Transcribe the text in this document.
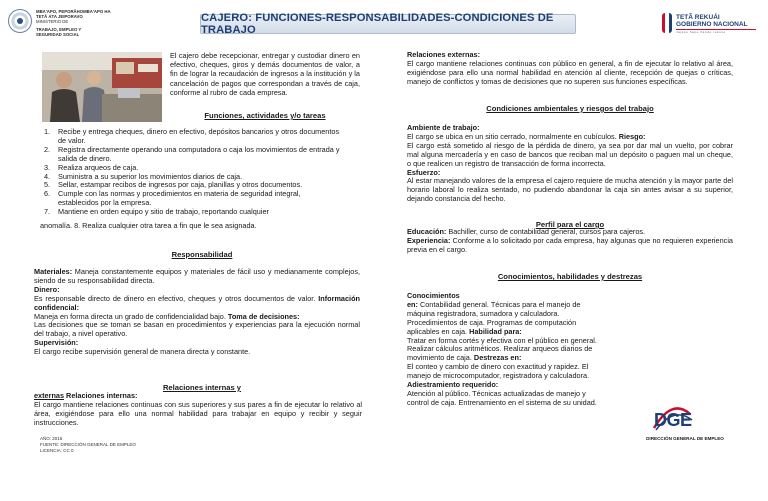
MBA'APO, PEPORÃHOMBA'APO HA
TETÃ ÁTA JEIPORAVO
MINISTERIO DE
TRABAJO, EMPLEO Y
SEGURIDAD SOCIAL
CAJERO: FUNCIONES-RESPONSABILIDADES-CONDICIONES DE TRABAJO
TETÃ REKUÁI
GOBIERNO NACIONAL
Jajapo hape ñande rekove
El cajero debe recepcionar, entregar y custodiar dinero en efectivo, cheques, giros y demás documentos de valor, a fin de lograr la recaudación de ingresos a la institución y la cancelación de pagos que correspondan a través de caja, conforme al rubro de cada empresa.
Funciones, actividades y/o tareas
1. Recibe y entrega cheques, dinero en efectivo, depósitos bancarios y otros documentos de valor.
2. Registra directamente operando una computadora o caja los movimientos de entrada y salida de dinero.
3. Realiza arqueos de caja.
4. Suministra a su superior los movimientos diarios de caja.
5. Sellar, estampar recibos de ingresos por caja, planillas y otros documentos.
6. Cumple con las normas y procedimientos en materia de seguridad integral, establecidos por la empresa.
7. Mantiene en orden equipo y sitio de trabajo, reportando cualquier
anomalía. 8. Realiza cualquier otra tarea a fin que le sea asignada.
Responsabilidad
Materiales: Maneja constantemente equipos y materiales de fácil uso y medianamente complejos, siendo de su responsabilidad directa.
Dinero:
Es responsable directo de dinero en efectivo, cheques y otros documentos de valor. Información confidencial:
Maneja en forma directa un grado de confidencialidad bajo. Toma de decisiones:
Las decisiones que se toman se basan en procedimientos y experiencias para la ejecución normal del trabajo, a nivel operativo.
Supervisión:
El cargo recibe supervisión general de manera directa y constante.
Relaciones internas y
externas Relaciones internas:
El cargo mantiene relaciones continuas con sus superiores y sus pares a fin de ejecutar lo relativo al área, exigiéndose para ello una normal habilidad para trabajar en equipo y recibir y seguir instrucciones.
AÑO: 2016
FUENTE: DIRECCIÓN GENERAL DE EMPLEO
LICENCIA: CC 0
Relaciones externas:
El cargo mantiene relaciones continuas con público en general, a fin de ejecutar lo relativo al área, exigiéndose para ello una normal habilidad en atención al cliente, recepción de quejas o críticas, manejo de conflictos y tomas de decisiones que no superen sus funciones específicas.
Condiciones ambientales y riesgos del trabajo
Ambiente de trabajo:
El cargo se ubica en un sitio cerrado, normalmente en cubículos. Riesgo:
El cargo está sometido al riesgo de la pérdida de dinero, ya sea por dar mal un vuelto, por cobrar mal alguna mercadería y en caso de bancos que reciban mal un depósito o paguen mal un cheque, o que realicen un registro de transacción de forma incorrecta.
Esfuerzo:
Al estar manejando valores de la empresa el cajero requiere de mucha atención y la mayor parte del horario laboral lo realiza sentado, no pudiendo abandonar la caja sin antes avisar a su superior, dejando constancia del hecho.
Perfil para el cargo
Educación: Bachiller, curso de contabilidad general, cursos para cajeros.
Experiencia: Conforme a lo solicitado por cada empresa, hay algunas que no requieren experiencia previa en el cargo.
Conocimientos, habilidades y destrezas
Conocimientos
en: Contabilidad general. Técnicas para el manejo de máquina registradora, sumadora y calculadora. Procedimientos de caja. Programas de computación aplicables en caja. Habilidad para:
Tratar en forma cortés y efectiva con el público en general. Realizar cálculos aritméticos. Realizar arqueos diarios de movimiento de caja. Destrezas en:
El conteo y cambio de dinero con exactitud y rapidez. El manejo de microcomputador, registradora y calculadora. Adiestramiento requerido:
Atención al público. Técnicas actualizadas de manejo y control de caja. Entrenamiento en el sistema de su unidad.
DGE
DIRECCIÓN GENERAL DE EMPLEO
